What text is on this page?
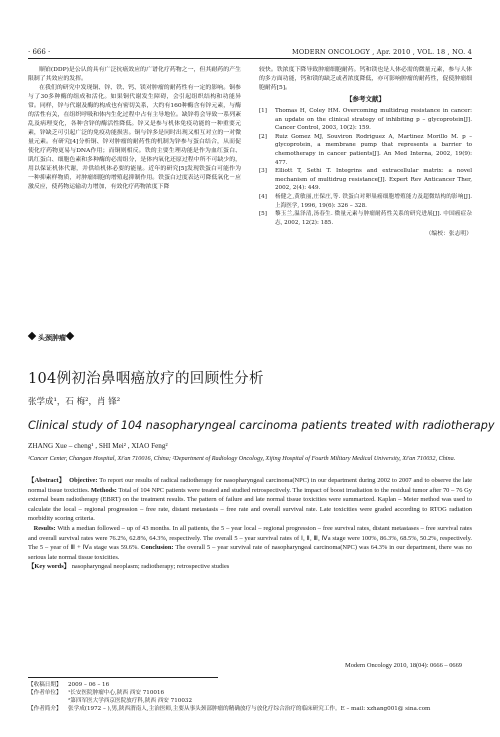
· 666 ·	MODERN ONCOLOGY , Apr. 2010 , VOL. 18 , NO. 4

顺铂(DDP)是公认的具有广泛抗癌效应的广谱化疗药物之一，但其耐药的产生限制了其效应的发挥。

在我们的研究中发现铜、锌、铁、钙、镁对肿瘤的耐药性有一定的影响。铜参与了30多种酶的组成和活化。如果铜代谢发生障碍，会引起组织结构和功能异常。同样，锌与代谢及酶的构成也有密切关系，大约有160种酶含有锌元素，与酶的活性有关，在组织呼吸和体内生化过程中占有主导地位。缺锌将会导致一系列紊乱及病理变化，各种含锌的酶活性降低。锌又是参与机体免疫功能的一种重要元素，锌缺乏可引起广泛的免疫功能损害。铜与锌多是同时出现又相互对立的一对微量元素。有研究[4]分析铜、锌对肿瘤的耐药性的机制为锌参与蛋白结合，从而促使化疗药物更易与DNA作用；而铜则相反。铁的主要生理功能是作为血红蛋白、肌红蛋白、细胞色素和多种酶的必需组分，是体内氧化还原过程中所不可缺少的，用以保证机体代谢，并供给机体必要的能量。近年的研究[5]发现铁蛋白可能作为一种抑素样物质，对肿瘤细胞的增殖起抑制作用。铁蛋白过度表达可降低氧化－应激反应，使药物运输动力增加，有效化疗药物浓度下降

较快。铁浓度下降导致肿瘤细胞耐药。钙和镁也是人体必需的微量元素，参与人体的多方面功能，钙和镁的缺乏或者浓度降低，亦可影响肿瘤的耐药性，促使肿瘤细胞耐药[5]。

【参考文献】
[1]	Thomas H, Coley HM. Overcoming multidrug resistance in cancer: an update on the clinical strategy of inhibiting p – glycoprotein[J]. Cancer Control, 2003, 10(2): 159.
[2]	Ruiz Gomez MJ, Souviron Rodriguez A, Martinez Morillo M. p – glycoprotein, a membrane pump that represents a barrier to chemotherapy in cancer patients[J]. An Med Interna, 2002, 19(9): 477.
[3]	Elliott T, Sethi T. Integrins and extracellular matrix: a novel mechanism of multidrug resistance[J]. Expert Rev Anticancer Ther, 2002, 2(4): 449.
[4]	杨健之,黄敏丽,庄保庄,等. 铁蛋白对卵巢癌细胞增殖能力及超微结构的影响[J]. 上海医学, 1996, 19(6): 326 – 328.
[5]	黎玉兰,温泽清,汤春生. 微量元素与肿瘤耐药性关系的研究进展[J]. 中国癌症杂志, 2002, 12(2): 185.
（编校：张志明）
头颈肿瘤
104例初治鼻咽癌放疗的回顾性分析
张学成¹，石 梅²，肖 锋²
Clinical study of 104 nasopharyngeal carcinoma patients treated with radiotherapy
ZHANG Xue – cheng¹ , SHI Mei² , XIAO Feng²
¹Cancer Center, Changan Hospital, Xi'an 710016, China; ²Department of Radiology Oncology, Xijing Hospital of Fourth Military Medical University, Xi'an 710032, China.
【Abstract】 Objective: To report our results of radical radiotherapy for nasopharyngeal carcinoma(NPC) in our department during 2002 to 2007 and to observe the late normal tissue toxicities. Methods: Total of 104 NPC patients were treated and studied retrospectively. The impact of boost irradiation to the residual tumor after 70 – 76 Gy external beam radiotherapy (EBRT) on the treatment results. The pattern of failure and late normal tissue toxicities were summarized. Kaplan – Meier method was used to calculate the local – regional progression – free rate, distant metastasis – free rate and overall survival rate. Late toxicities were graded according to RTOG radiation morbidity scoring criteria.
Results: With a median followed – up of 43 months. In all patients, the 5 – year local – regional progression – free survival rates, distant metastases – free survival rates and overall survival rates were 76.2%, 62.8%, 64.3%, respectively. The overall 5 – year survival rates of Ⅰ, Ⅱ, Ⅲ, Ⅳa stage were 100%, 86.3%, 68.5%, 50.2%, respectively. The 5 – year of Ⅲ + Ⅳa stage was 59.6%. Conclusion: The overall 5 – year survival rate of nasopharyngeal carcinoma(NPC) was 64.3% in our department, there was no serious late normal tissue toxicities.
【Key words】 nasopharyngeal neoplasm; radiotherapy; retrospective studies
Modern Oncology 2010, 18(04): 0666 – 0669
【收稿日期】 2009 – 06 – 16
【作者单位】 ¹长安医院肿瘤中心,陕西 西安 710016
²第四军医大学西京医院放疗科,陕西 西安 710032
【作者简介】	张学成(1972 – ),男,陕西渭南人,主治医师,主要从事头颈部肿瘤的精确放疗与放化疗综合治疗的临床研究工作。E – mail: xzhang001@ sina.com
